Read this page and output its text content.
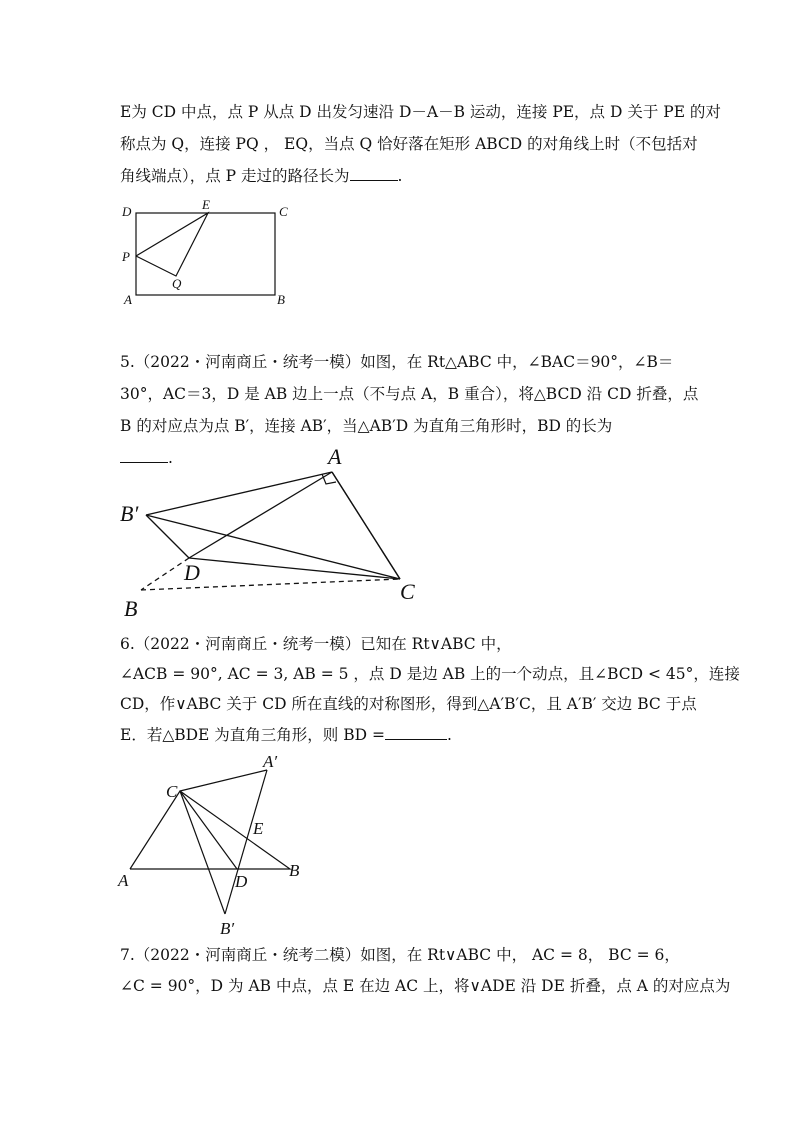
E为 CD 中点，点 P 从点 D 出发匀速沿 D－A－B 运动，连接 PE，点 D 关于 PE 的对
称点为 Q，连接 PQ ， EQ，当点 Q 恰好落在矩形 ABCD 的对角线上时（不包括对
角线端点），点 P 走过的路径长为	.
D	E	C
P
Q
A	B
5.（2022・河南商丘・统考一模）如图，在 Rt△ABC 中，∠BAC＝90°，∠B＝
30°，AC＝3，D 是 AB 边上一点（不与点 A，B 重合），将△BCD 沿 CD 折叠，点
B 的对应点为点 B′，连接 AB′，当△AB′D 为直角三角形时，BD 的长为
.	A
B′
D
B
C
6.（2022・河南商丘・统考一模）已知在 Rt∨ABC 中，
∠ACB = 90°, AC = 3, AB = 5 ，点 D 是边 AB 上的一个动点，且∠BCD < 45°，连接
CD，作∨ABC 关于 CD 所在直线的对称图形，得到△A′B′C，且 A′B′ 交边 BC 于点
E．若△BDE 为直角三角形，则 BD =	.
A′
C
E
A	D
B
B′
7.（2022・河南商丘・统考二模）如图，在 Rt∨ABC 中， AC = 8， BC = 6，
∠C = 90°，D 为 AB 中点，点 E 在边 AC 上，将∨ADE 沿 DE 折叠，点 A 的对应点为
